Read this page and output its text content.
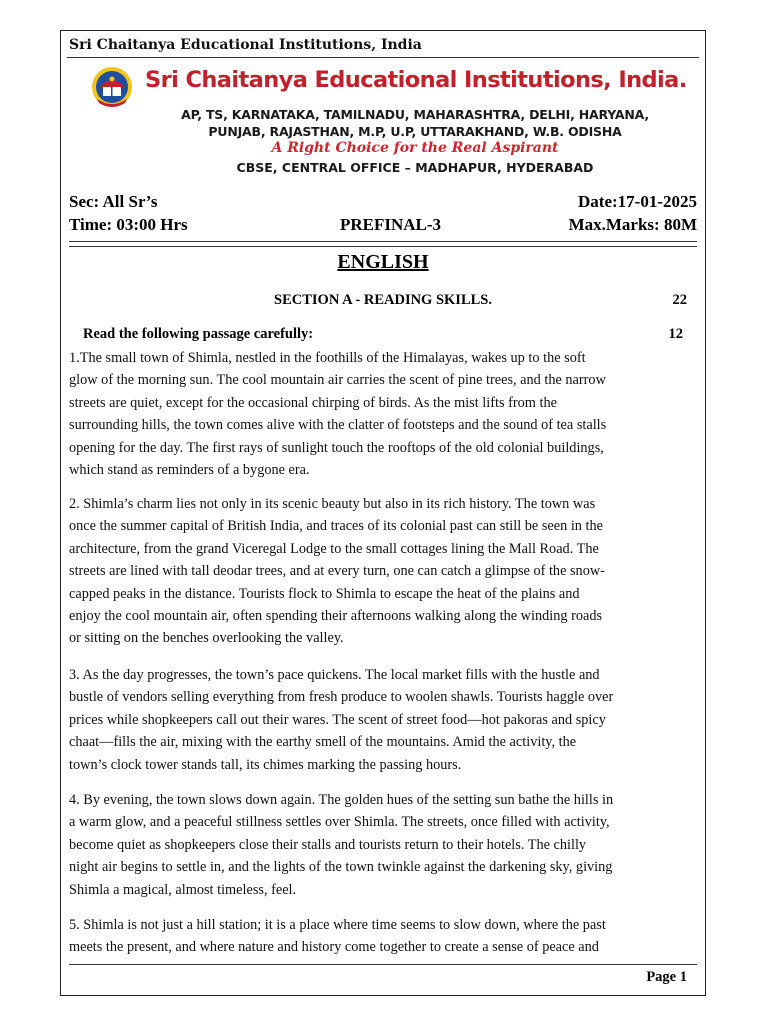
Sri Chaitanya Educational Institutions, India
Sri Chaitanya Educational Institutions, India.
AP, TS, KARNATAKA, TAMILNADU, MAHARASHTRA, DELHI, HARYANA,
PUNJAB, RAJASTHAN, M.P, U.P, UTTARAKHAND, W.B. ODISHA
A Right Choice for the Real Aspirant
CBSE, CENTRAL OFFICE – MADHAPUR, HYDERABAD
Sec: All Sr’s	Date:17-01-2025
Time: 03:00 Hrs	PREFINAL-3	Max.Marks: 80M
ENGLISH
SECTION A - READING SKILLS.	22
Read the following passage carefully:	12

1.The small town of Shimla, nestled in the foothills of the Himalayas, wakes up to the soft
glow of the morning sun. The cool mountain air carries the scent of pine trees, and the narrow
streets are quiet, except for the occasional chirping of birds. As the mist lifts from the
surrounding hills, the town comes alive with the clatter of footsteps and the sound of tea stalls
opening for the day. The first rays of sunlight touch the rooftops of the old colonial buildings,
which stand as reminders of a bygone era.

2. Shimla’s charm lies not only in its scenic beauty but also in its rich history. The town was
once the summer capital of British India, and traces of its colonial past can still be seen in the
architecture, from the grand Viceregal Lodge to the small cottages lining the Mall Road. The
streets are lined with tall deodar trees, and at every turn, one can catch a glimpse of the snow-
capped peaks in the distance. Tourists flock to Shimla to escape the heat of the plains and
enjoy the cool mountain air, often spending their afternoons walking along the winding roads
or sitting on the benches overlooking the valley.

3. As the day progresses, the town’s pace quickens. The local market fills with the hustle and
bustle of vendors selling everything from fresh produce to woolen shawls. Tourists haggle over
prices while shopkeepers call out their wares. The scent of street food—hot pakoras and spicy
chaat—fills the air, mixing with the earthy smell of the mountains. Amid the activity, the
town’s clock tower stands tall, its chimes marking the passing hours.

4. By evening, the town slows down again. The golden hues of the setting sun bathe the hills in
a warm glow, and a peaceful stillness settles over Shimla. The streets, once filled with activity,
become quiet as shopkeepers close their stalls and tourists return to their hotels. The chilly
night air begins to settle in, and the lights of the town twinkle against the darkening sky, giving
Shimla a magical, almost timeless, feel.

5. Shimla is not just a hill station; it is a place where time seems to slow down, where the past
meets the present, and where nature and history come together to create a sense of peace and

Page 1
